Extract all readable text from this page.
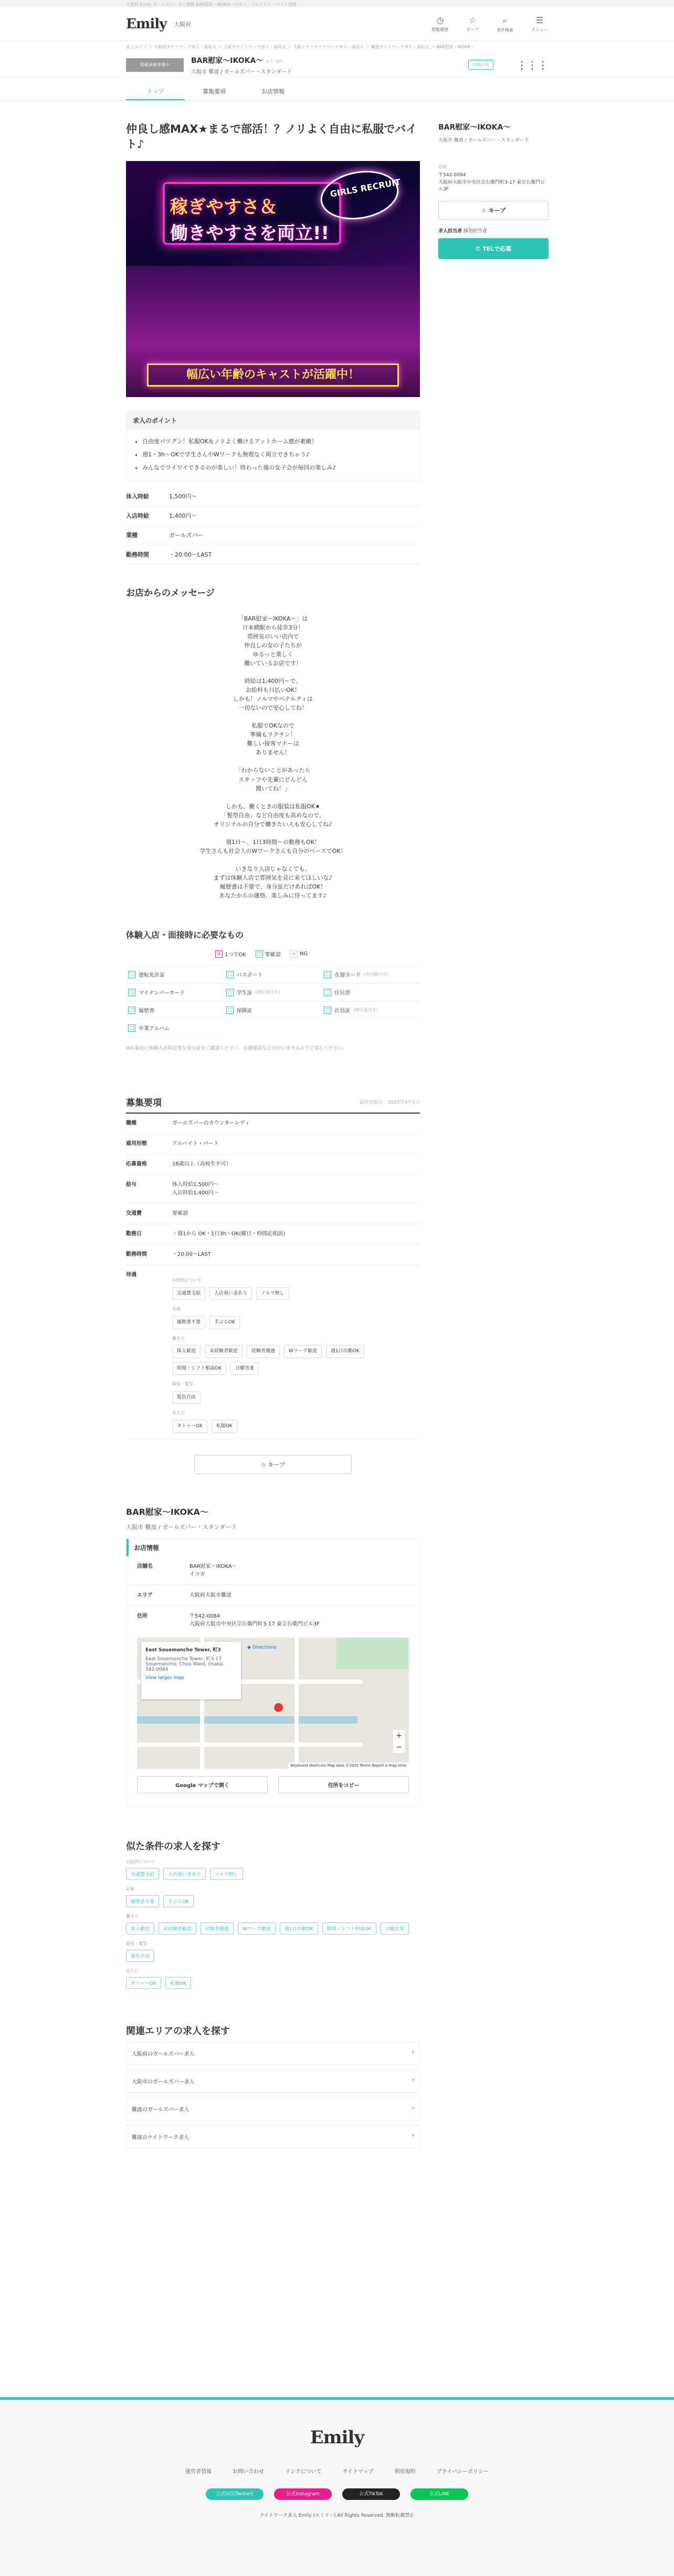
大阪府 Emily ガールズバー求人情報 BAR慰家〜IKOKA〜の求人・アルバイト・バイト情報
Emily 大阪府	◷
閲覧履歴
☆
キープ
⌕
条件検索
☰
メニュー
求人エリア ＞ 大阪府ナイトワーク求人・高収入 ＞ 大阪市ナイトワーク求人・高収入 ＞ 大阪ミナミナイトワーク求人・高収入 ＞ 難波ナイトワーク求人・高収入 ＞ BAR慰家〜IKOKA〜
掲載画像準備中	BAR慰家〜IKOKA〜 ｷｰﾌﾟ 0件
大阪市 難波 / ガールズバー・スタンダード
日払い可	⋮⋮⋮
トップ	募集要項	お店情報
仲良し感MAX★まるで部活！？ノリよく自由に私服でバイト♪
GIRLS RECRUIT
稼ぎやすさ＆
働きやすさを両立!!
幅広い年齢のキャストが活躍中！
求人のポイント
• 自由度バツグン！私服OK＆ノリよく働けるアットホーム感が素敵！
• 週1・3h〜OKで学生さんやWワークも無理なく両立できちゃう♪
• みんなでワイワイできるのが楽しい！終わった後の女子会が毎回の楽しみ♪
体入時給	1,500円〜
入店時給	1,400円〜
業種	ガールズバー
勤務時間	・20:00〜LAST
お店からのメッセージ
「BAR慰家〜IKOKA〜」は
日本橋駅から徒歩3分！
雰囲気のいい店内で
仲良しの女の子たちが
ゆるっと楽しく
働いているお店です！

時給は1,400円〜で、
お給料も日払いOK！
しかも！ノルマやペナルティは
一切ないので安心してね！

私服でOKなので
準備もラクチン！
難しい接客マナーは
ありません！

「わからないことがあったら
スタッフや先輩にどんどん
聞いてね！」

しかも、働くときの服装は私服OK★
「髪型自由」など自由度も高めなので、
オリジナルの自分で働きたい人も安心してね♪

週1日〜、1日3時間〜の勤務もOK！
学生さんも社会人のWワークさんも自分のペースでOK！

いきなり入店じゃなくても、
まずは体験入店で雰囲気を見に来てほしいな♪
履歴書は不要で、身分証だけあればOK！
あなたからの連絡、楽しみに待ってます♪
体験入店・面接時に必要なもの
◎ 1つでOK	□ 要確認	× NG
□ 運転免許証	□ パスポート	□ 在留カード (外国籍の方)
□ マイナンバーカード	□ 学生証 (顔写真付き)	□ 住民票
□ 履歴書	□ 保険証	□ 社員証 (顔写真付き)
□ 卒業アルバム
※応募前に体験入店時必要な身分証をご確認ください。在籍確認などは行いませんのでご安心ください。
募集要項	最終更新日：2025年4月1日
職種	ガールズバーのカウンターレディ
雇用形態	アルバイト・パート
応募資格	18歳以上（高校生不可）
給与	体入時給1,500円〜
入店時給1,400円〜
交通費	要確認
勤務日	・週1から OK・1日3h〜OK(曜日・時間応相談)
勤務時間	・20:00〜LAST
待遇
お給料について
交通費支給	入店祝い金あり	ノルマ無し
応募
履歴書不要	手ぶらOK
働き方
体入歓迎	未経験者歓迎	経験者優遇	Wワーク歓迎	週1日出勤OK
時間・シフト相談OK	日曜営業
服装・髪型
髪色自由
見た目
タトゥーOK	私服OK
☆ キープ
BAR慰家〜IKOKA〜
大阪市 難波 / ガールズバー・スタンダード
お店情報
店舗名	BAR慰家〜IKOKA〜
イコカ
エリア	大阪府大阪市難波
住所	〒542-0084
大阪府大阪市中央区宗右衛門町3-17 東宗右衛門ビル3F
East Souemoncho Tower, 町3
East Souemoncho Tower, 町3-17
Souemoncho, Chuo Ward, Osaka,
542-0084
View larger map
◆ Directions
●
+
−
Keyboard shortcuts Map data ©2025 Terms Report a map error
Google マップで開く	住所をコピー
似た条件の求人を探す
お給料について
交通費支給	入店祝い金あり	ノルマ無し
応募
履歴書不要	手ぶらOK
働き方
体入歓迎	未経験者歓迎	経験者優遇	Wワーク歓迎	週1日出勤OK	時間・シフト相談OK	日曜営業
服装・髪型
髪色自由
見た目
タトゥーOK	私服OK
関連エリアの求人を探す
大阪府のガールズバー求人	›
大阪市のガールズバー求人	›
難波のガールズバー求人	›
難波のナイトワーク求人	›
BAR慰家〜IKOKA〜
大阪市 難波 / ガールズバー・スタンダード
住所
〒542-0084
大阪府大阪市中央区宗右衛門町3-17 東宗右衛門ビル3F
☆ キープ
求人担当者 採用担当者
✆ TELで応募
Emily
運営者情報	お問い合わせ	リンクについて	サイトマップ	利用規約	プライバシーポリシー
公式X(旧Twitter)	公式Instagram	公式TikTok	公式LINE
ナイトワーク求人 Emily (エミリー) All Rights Reserved. 無断転載禁止
